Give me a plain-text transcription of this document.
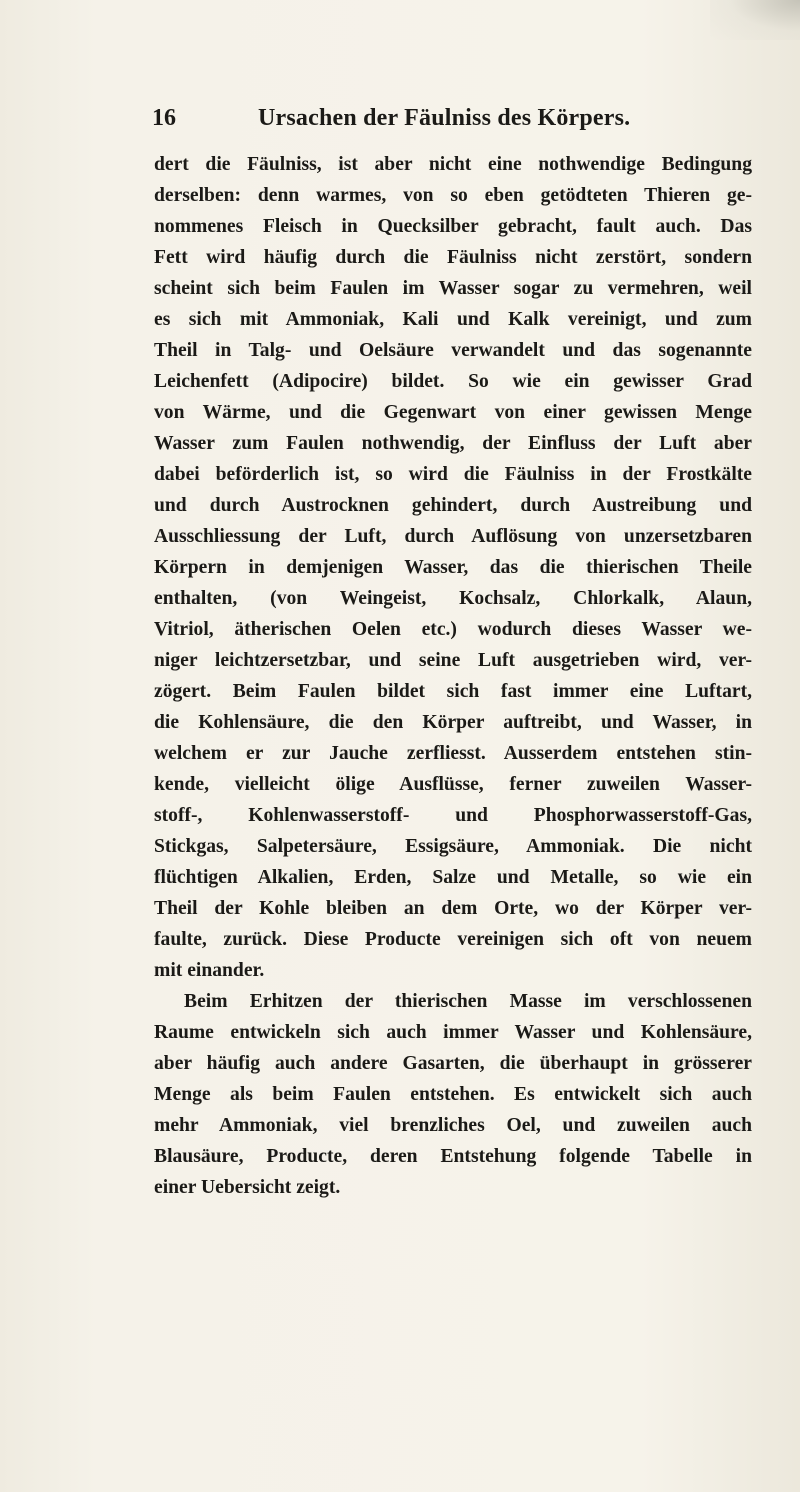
16	Ursachen der Fäulniss des Körpers.
dert die Fäulniss, ist aber nicht eine nothwendige Bedingung
derselben: denn warmes, von so eben getödteten Thieren ge-
nommenes Fleisch in Quecksilber gebracht, fault auch. Das
Fett wird häufig durch die Fäulniss nicht zerstört, sondern
scheint sich beim Faulen im Wasser sogar zu vermehren, weil
es sich mit Ammoniak, Kali und Kalk vereinigt, und zum
Theil in Talg- und Oelsäure verwandelt und das sogenannte
Leichenfett (Adipocire) bildet. So wie ein gewisser Grad
von Wärme, und die Gegenwart von einer gewissen Menge
Wasser zum Faulen nothwendig, der Einfluss der Luft aber
dabei beförderlich ist, so wird die Fäulniss in der Frostkälte
und durch Austrocknen gehindert, durch Austreibung und
Ausschliessung der Luft, durch Auflösung von unzersetzbaren
Körpern in demjenigen Wasser, das die thierischen Theile
enthalten, (von Weingeist, Kochsalz, Chlorkalk, Alaun,
Vitriol, ätherischen Oelen etc.) wodurch dieses Wasser we-
niger leichtzersetzbar, und seine Luft ausgetrieben wird, ver-
zögert. Beim Faulen bildet sich fast immer eine Luftart,
die Kohlensäure, die den Körper auftreibt, und Wasser, in
welchem er zur Jauche zerfliesst. Ausserdem entstehen stin-
kende, vielleicht ölige Ausflüsse, ferner zuweilen Wasser-
stoff-, Kohlenwasserstoff- und Phosphorwasserstoff-Gas,
Stickgas, Salpetersäure, Essigsäure, Ammoniak. Die nicht
flüchtigen Alkalien, Erden, Salze und Metalle, so wie ein
Theil der Kohle bleiben an dem Orte, wo der Körper ver-
faulte, zurück. Diese Producte vereinigen sich oft von neuem
mit einander.
Beim Erhitzen der thierischen Masse im verschlossenen
Raume entwickeln sich auch immer Wasser und Kohlensäure,
aber häufig auch andere Gasarten, die überhaupt in grösserer
Menge als beim Faulen entstehen. Es entwickelt sich auch
mehr Ammoniak, viel brenzliches Oel, und zuweilen auch
Blausäure, Producte, deren Entstehung folgende Tabelle in
einer Uebersicht zeigt.
